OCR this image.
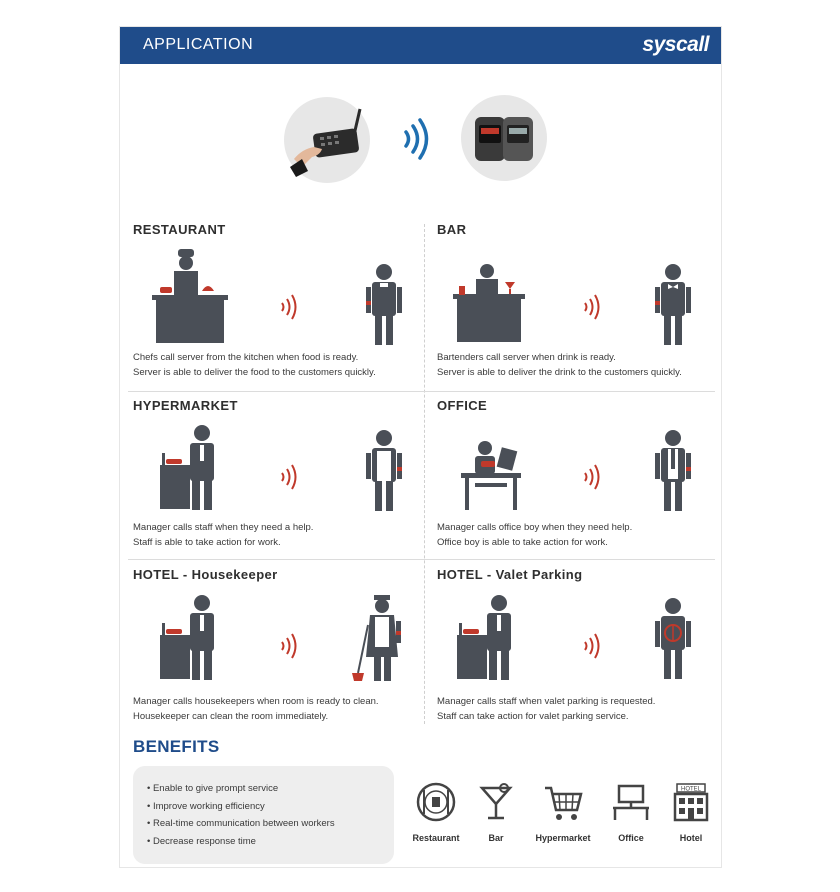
APPLICATION	syscall
RESTAURANT
Chefs call server from the kitchen when food is ready.
Server is able to deliver the food to the customers quickly.
BAR
Bartenders call server when drink is ready.
Server is able to deliver the drink to the customers quickly.
HYPERMARKET
Manager calls staff when they need a help.
Staff is able to take action for work.
OFFICE
Manager calls office boy when they need help.
Office boy is able to take action for work.
HOTEL - Housekeeper
Manager calls housekeepers when room is ready to clean.
Housekeeper can clean the room immediately.
HOTEL - Valet Parking
Manager calls staff when valet parking is requested.
Staff can take action for valet parking service.
BENEFITS
• Enable to give prompt service
• Improve working efficiency
• Real-time communication between workers
• Decrease response time	Restaurant	Bar	Hypermarket	Office
HOTEL
Hotel
